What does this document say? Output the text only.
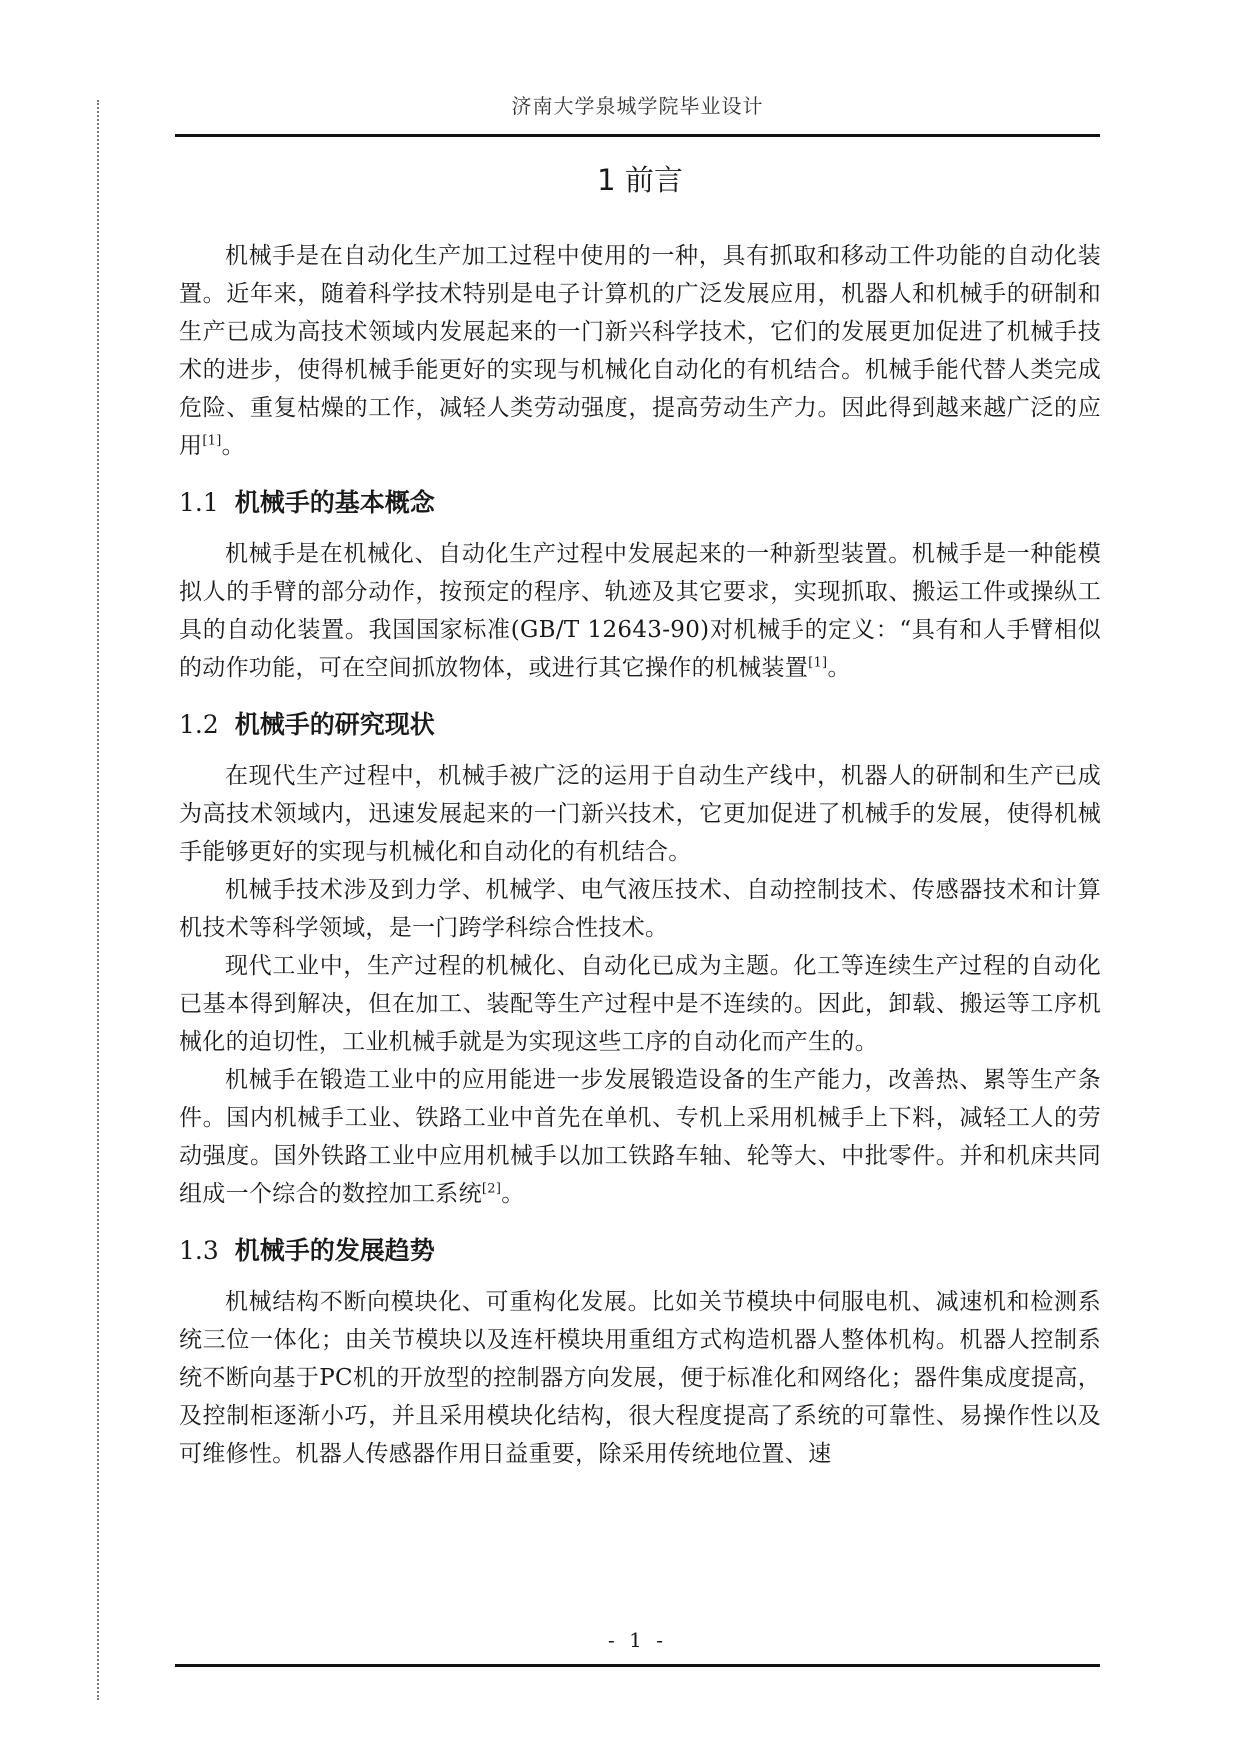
济南大学泉城学院毕业设计
1 前言

机械手是在自动化生产加工过程中使用的一种，具有抓取和移动工件功能的自动化装置。近年来，随着科学技术特别是电子计算机的广泛发展应用，机器人和机械手的研制和生产已成为高技术领域内发展起来的一门新兴科学技术，它们的发展更加促进了机械手技术的进步，使得机械手能更好的实现与机械化自动化的有机结合。机械手能代替人类完成危险、重复枯燥的工作，减轻人类劳动强度，提高劳动生产力。因此得到越来越广泛的应用[1]。

1.1 机械手的基本概念

机械手是在机械化、自动化生产过程中发展起来的一种新型装置。机械手是一种能模拟人的手臂的部分动作，按预定的程序、轨迹及其它要求，实现抓取、搬运工件或操纵工具的自动化装置。我国国家标准(GB/T 12643-90)对机械手的定义：“具有和人手臂相似的动作功能，可在空间抓放物体，或进行其它操作的机械装置[1]。

1.2 机械手的研究现状

在现代生产过程中，机械手被广泛的运用于自动生产线中，机器人的研制和生产已成为高技术领域内，迅速发展起来的一门新兴技术，它更加促进了机械手的发展，使得机械手能够更好的实现与机械化和自动化的有机结合。

机械手技术涉及到力学、机械学、电气液压技术、自动控制技术、传感器技术和计算机技术等科学领域，是一门跨学科综合性技术。

现代工业中，生产过程的机械化、自动化已成为主题。化工等连续生产过程的自动化已基本得到解决，但在加工、装配等生产过程中是不连续的。因此，卸载、搬运等工序机械化的迫切性，工业机械手就是为实现这些工序的自动化而产生的。

机械手在锻造工业中的应用能进一步发展锻造设备的生产能力，改善热、累等生产条件。国内机械手工业、铁路工业中首先在单机、专机上采用机械手上下料，减轻工人的劳动强度。国外铁路工业中应用机械手以加工铁路车轴、轮等大、中批零件。并和机床共同组成一个综合的数控加工系统[2]。

1.3 机械手的发展趋势

机械结构不断向模块化、可重构化发展。比如关节模块中伺服电机、减速机和检测系统三位一体化；由关节模块以及连杆模块用重组方式构造机器人整体机构。机器人控制系统不断向基于PC机的开放型的控制器方向发展，便于标准化和网络化；器件集成度提高，及控制柜逐渐小巧，并且采用模块化结构，很大程度提高了系统的可靠性、易操作性以及可维修性。机器人传感器作用日益重要，除采用传统地位置、速

- 1 -
